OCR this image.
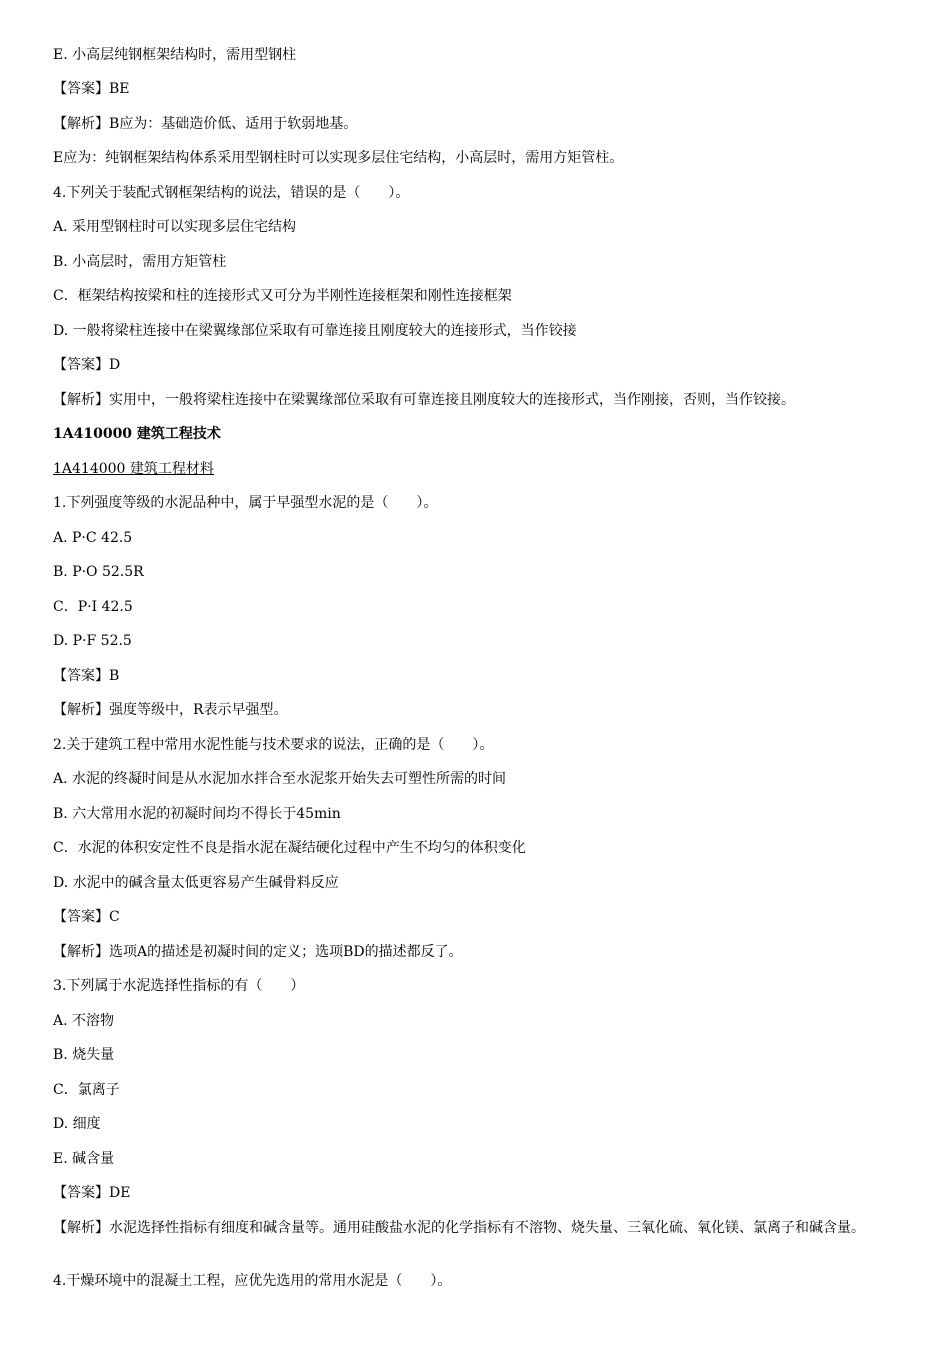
E. 小高层纯钢框架结构时，需用型钢柱
【答案】BE
【解析】B应为：基础造价低、适用于软弱地基。
E应为：纯钢框架结构体系采用型钢柱时可以实现多层住宅结构，小高层时，需用方矩管柱。
4.下列关于装配式钢框架结构的说法，错误的是（　　）。
A. 采用型钢柱时可以实现多层住宅结构
B. 小高层时，需用方矩管柱
C．框架结构按梁和柱的连接形式又可分为半刚性连接框架和刚性连接框架
D. 一般将梁柱连接中在梁翼缘部位采取有可靠连接且刚度较大的连接形式，当作铰接
【答案】D
【解析】实用中，一般将梁柱连接中在梁翼缘部位采取有可靠连接且刚度较大的连接形式，当作刚接，否则，当作铰接。
1A410000 建筑工程技术
1A414000 建筑工程材料
1.下列强度等级的水泥品种中，属于早强型水泥的是（　　）。
A. P·C 42.5
B. P·O 52.5R
C．P·I 42.5
D. P·F 52.5
【答案】B
【解析】强度等级中，R表示早强型。
2.关于建筑工程中常用水泥性能与技术要求的说法，正确的是（　　）。
A. 水泥的终凝时间是从水泥加水拌合至水泥浆开始失去可塑性所需的时间
B. 六大常用水泥的初凝时间均不得长于45min
C．水泥的体积安定性不良是指水泥在凝结硬化过程中产生不均匀的体积变化
D. 水泥中的碱含量太低更容易产生碱骨料反应
【答案】C
【解析】选项A的描述是初凝时间的定义；选项BD的描述都反了。
3.下列属于水泥选择性指标的有（　　）
A. 不溶物
B. 烧失量
C．氯离子
D. 细度
E. 碱含量
【答案】DE
【解析】水泥选择性指标有细度和碱含量等。通用硅酸盐水泥的化学指标有不溶物、烧失量、三氧化硫、氧化镁、氯离子和碱含量。
4.干燥环境中的混凝土工程，应优先选用的常用水泥是（　　）。
